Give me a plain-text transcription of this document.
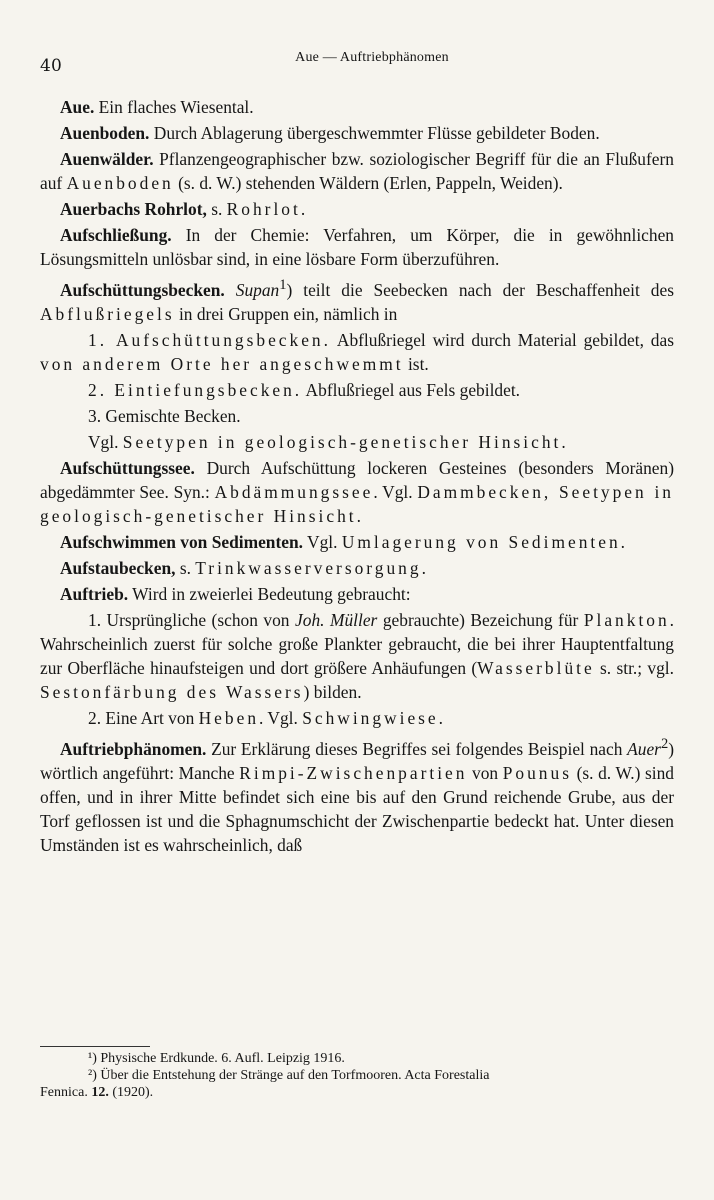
40	Aue — Auftriebphänomen

Aue. Ein flaches Wiesental.

Auenboden. Durch Ablagerung übergeschwemmter Flüsse gebildeter Boden.

Auenwälder. Pflanzengeographischer bzw. soziologischer Begriff für die an Flußufern auf Auenboden (s. d. W.) stehenden Wäldern (Erlen, Pappeln, Weiden).

Auerbachs Rohrlot, s. Rohrlot.

Aufschließung. In der Chemie: Verfahren, um Körper, die in gewöhnlichen Lösungsmitteln unlösbar sind, in eine lösbare Form überzuführen.

Aufschüttungsbecken. Supan$^1$) teilt die Seebecken nach der Beschaffenheit des Abflußriegels in drei Gruppen ein, nämlich in

1. Aufschüttungsbecken. Abflußriegel wird durch Material gebildet, das von anderem Orte her angeschwemmt ist.

2. Eintiefungsbecken. Abflußriegel aus Fels gebildet.

3. Gemischte Becken.

Vgl. Seetypen in geologisch-genetischer Hinsicht.

Aufschüttungssee. Durch Aufschüttung lockeren Gesteines (besonders Moränen) abgedämmter See. Syn.: Abdämmungssee. Vgl. Dammbecken, Seetypen in geologisch-genetischer Hinsicht.

Aufschwimmen von Sedimenten. Vgl. Umlagerung von Sedimenten.

Aufstaubecken, s. Trinkwasserversorgung.

Auftrieb. Wird in zweierlei Bedeutung gebraucht:

1. Ursprüngliche (schon von Joh. Müller gebrauchte) Bezeichung für Plankton. Wahrscheinlich zuerst für solche große Plankter gebraucht, die bei ihrer Hauptentfaltung zur Oberfläche hinaufsteigen und dort größere Anhäufungen (Wasserblüte s. str.; vgl. Sestonfärbung des Wassers) bilden.

2. Eine Art von Heben. Vgl. Schwingwiese.

Auftriebphänomen. Zur Erklärung dieses Begriffes sei folgendes Beispiel nach Auer$^2$) wörtlich angeführt: Manche Rimpi-Zwischenpartien von Pounus (s. d. W.) sind offen, und in ihrer Mitte befindet sich eine bis auf den Grund reichende Grube, aus der Torf geflossen ist und die Sphagnumschicht der Zwischenpartie bedeckt hat. Unter diesen Umständen ist es wahrscheinlich, daß

¹) Physische Erdkunde. 6. Aufl. Leipzig 1916.

²) Über die Entstehung der Stränge auf den Torfmooren. Acta Forestalia

Fennica. 12. (1920).
